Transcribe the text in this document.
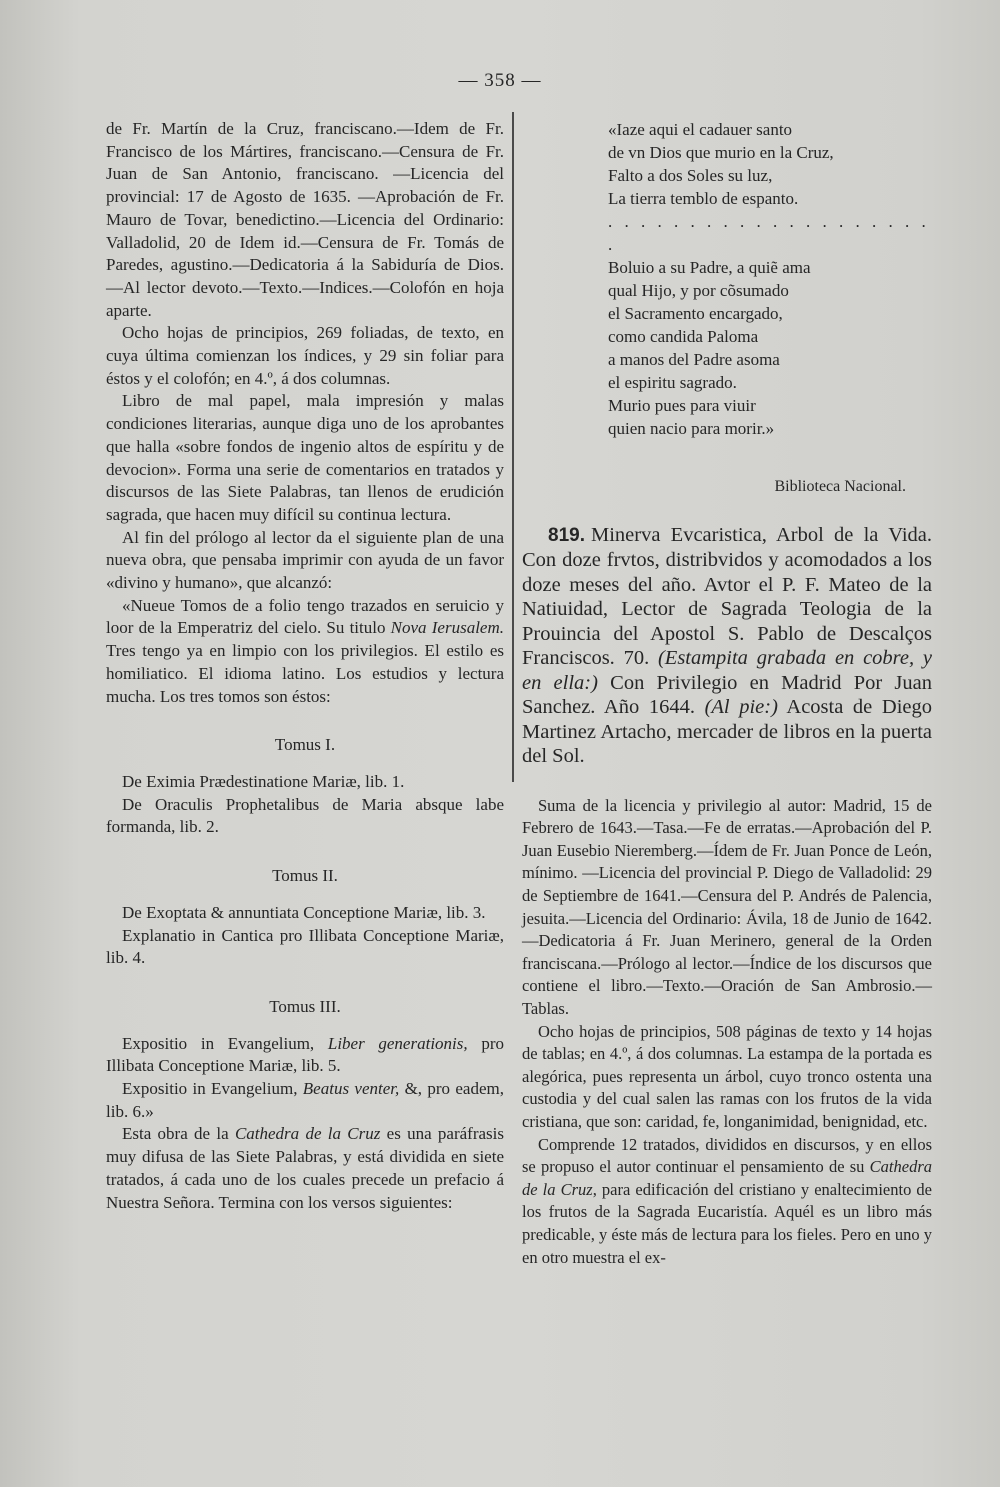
— 358 —

de Fr. Martín de la Cruz, franciscano.—Idem de Fr. Francisco de los Mártires, franciscano.—Censura de Fr. Juan de San Antonio, franciscano. —Licencia del provincial: 17 de Agosto de 1635. —Aprobación de Fr. Mauro de Tovar, benedictino.—Licencia del Ordinario: Valladolid, 20 de Idem id.—Censura de Fr. Tomás de Paredes, agustino.—Dedicatoria á la Sabiduría de Dios. —Al lector devoto.—Texto.—Indices.—Colofón en hoja aparte.

Ocho hojas de principios, 269 foliadas, de texto, en cuya última comienzan los índices, y 29 sin foliar para éstos y el colofón; en 4.º, á dos columnas.

Libro de mal papel, mala impresión y malas condiciones literarias, aunque diga uno de los aprobantes que halla «sobre fondos de ingenio altos de espíritu y de devocion». Forma una serie de comentarios en tratados y discursos de las Siete Palabras, tan llenos de erudición sagrada, que hacen muy difícil su continua lectura.

Al fin del prólogo al lector da el siguiente plan de una nueva obra, que pensaba imprimir con ayuda de un favor «divino y humano», que alcanzó:

«Nueue Tomos de a folio tengo trazados en seruicio y loor de la Emperatriz del cielo. Su titulo Nova Ierusalem. Tres tengo ya en limpio con los privilegios. El estilo es homiliatico. El idioma latino. Los estudios y lectura mucha. Los tres tomos son éstos:

Tomus I.

De Eximia Prædestinatione Mariæ, lib. 1.

De Oraculis Prophetalibus de Maria absque labe formanda, lib. 2.

Tomus II.

De Exoptata & annuntiata Conceptione Mariæ, lib. 3.

Explanatio in Cantica pro Illibata Conceptione Mariæ, lib. 4.

Tomus III.

Expositio in Evangelium, Liber generationis, pro Illibata Conceptione Mariæ, lib. 5.

Expositio in Evangelium, Beatus venter, &, pro eadem, lib. 6.»

Esta obra de la Cathedra de la Cruz es una paráfrasis muy difusa de las Siete Palabras, y está dividida en siete tratados, á cada uno de los cuales precede un prefacio á Nuestra Señora. Termina con los versos siguientes:

«Iaze aqui el cadauer santo

de vn Dios que murio en la Cruz,

Falto a dos Soles su luz,

La tierra temblo de espanto.

. . . . . . . . . . . . . . . . . . . . .

Boluio a su Padre, a quiẽ ama

qual Hijo, y por cõsumado

el Sacramento encargado,

como candida Paloma

a manos del Padre asoma

el espiritu sagrado.

Murio pues para viuir

quien nacio para morir.»

Biblioteca Nacional.

819. Minerva Evcaristica, Arbol de la Vida. Con doze frvtos, distribvidos y acomodados a los doze meses del año. Avtor el P. F. Mateo de la Natiuidad, Lector de Sagrada Teologia de la Prouincia del Apostol S. Pablo de Descalços Franciscos. 70. (Estampita grabada en cobre, y en ella:) Con Privilegio en Madrid Por Juan Sanchez. Año 1644. (Al pie:) Acosta de Diego Martinez Artacho, mercader de libros en la puerta del Sol.

Suma de la licencia y privilegio al autor: Madrid, 15 de Febrero de 1643.—Tasa.—Fe de erratas.—Aprobación del P. Juan Eusebio Nieremberg.—Ídem de Fr. Juan Ponce de León, mínimo. —Licencia del provincial P. Diego de Valladolid: 29 de Septiembre de 1641.—Censura del P. Andrés de Palencia, jesuita.—Licencia del Ordinario: Ávila, 18 de Junio de 1642.—Dedicatoria á Fr. Juan Merinero, general de la Orden franciscana.—Prólogo al lector.—Índice de los discursos que contiene el libro.—Texto.—Oración de San Ambrosio.—Tablas.

Ocho hojas de principios, 508 páginas de texto y 14 hojas de tablas; en 4.º, á dos columnas. La estampa de la portada es alegórica, pues representa un árbol, cuyo tronco ostenta una custodia y del cual salen las ramas con los frutos de la vida cristiana, que son: caridad, fe, longanimidad, benignidad, etc.

Comprende 12 tratados, divididos en discursos, y en ellos se propuso el autor continuar el pensamiento de su Cathedra de la Cruz, para edificación del cristiano y enaltecimiento de los frutos de la Sagrada Eucaristía. Aquél es un libro más predicable, y éste más de lectura para los fieles. Pero en uno y en otro muestra el ex-
